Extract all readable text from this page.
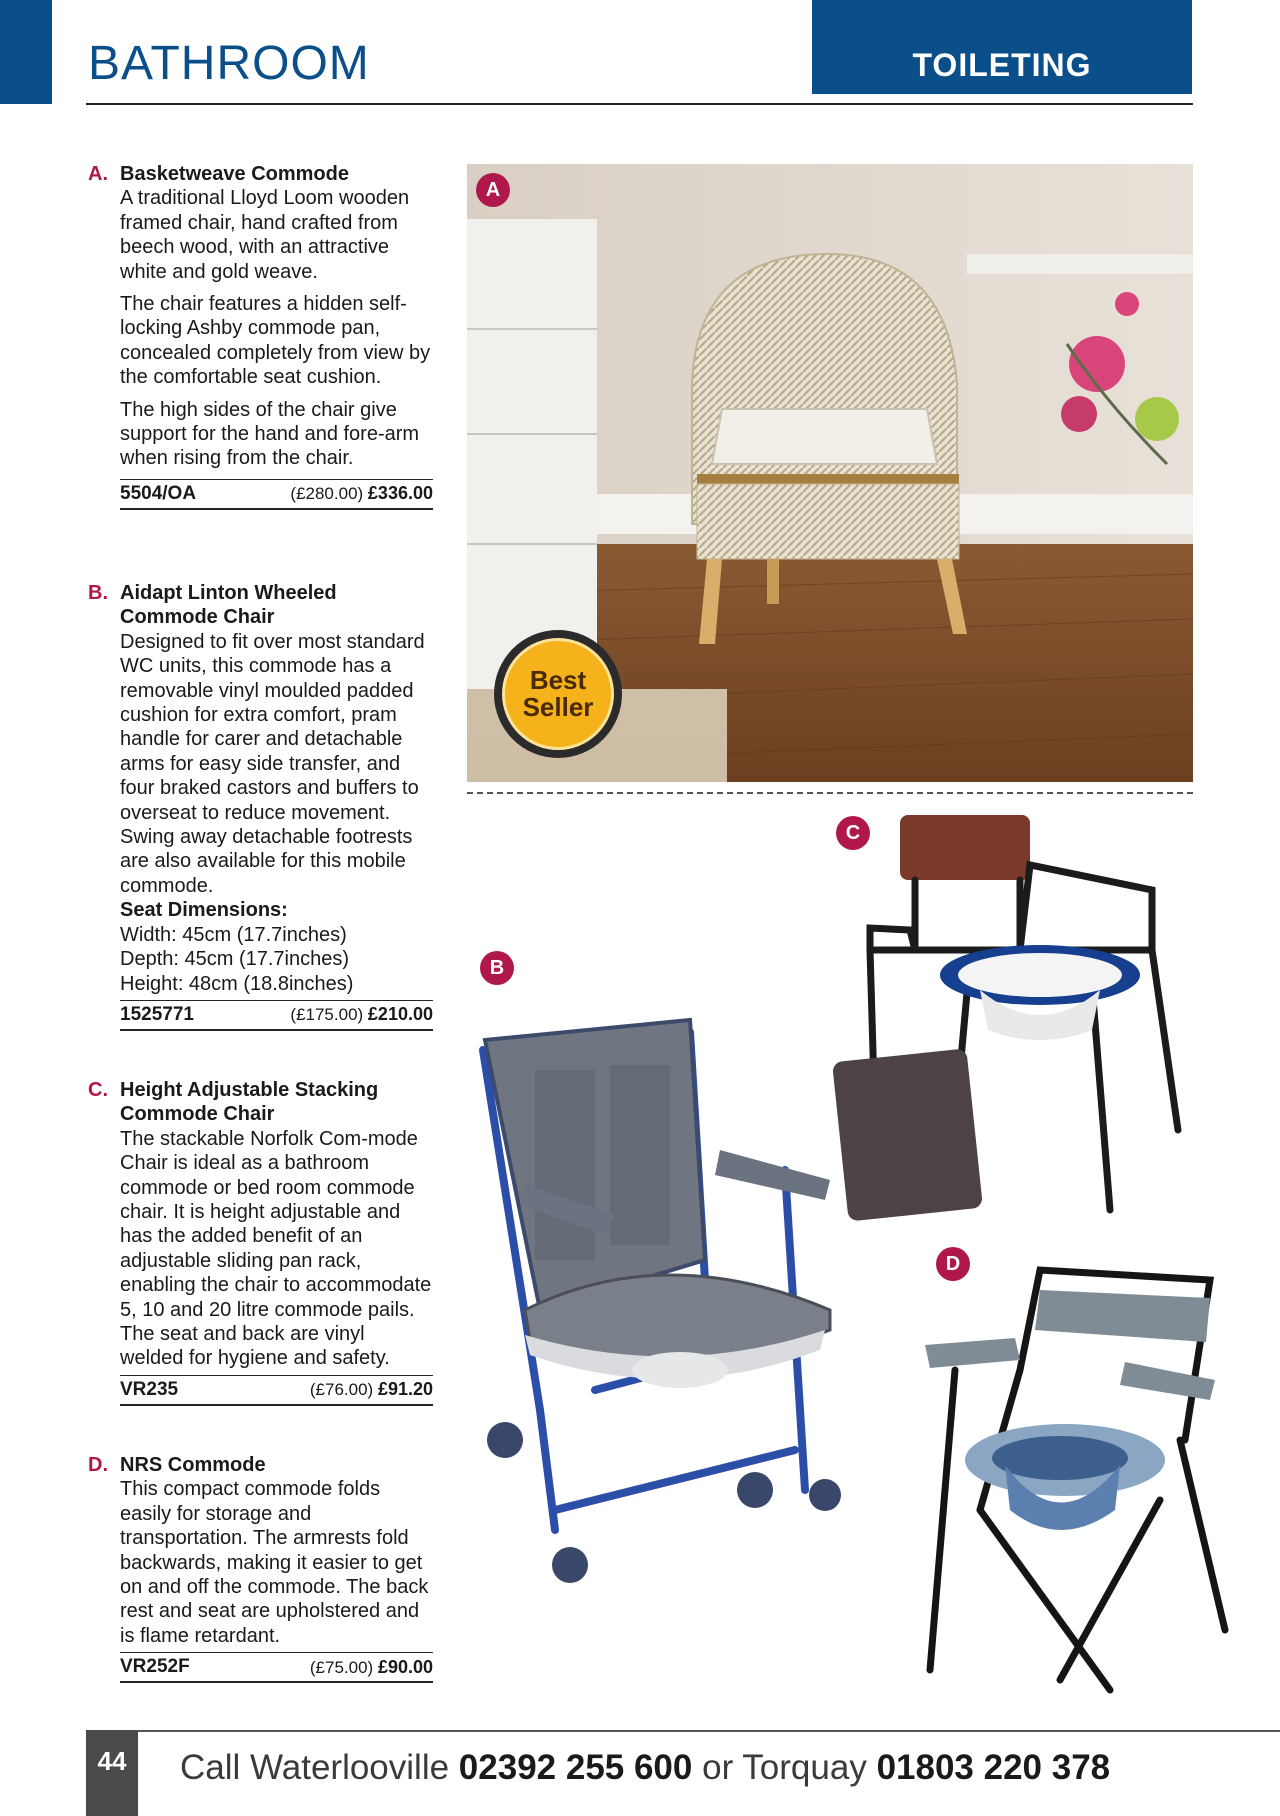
BATHROOM	TOILETING
A. Basketweave Commode

A traditional Lloyd Loom wooden framed chair, hand crafted from beech wood, with an attractive white and gold weave.

The chair features a hidden self-locking Ashby commode pan, concealed completely from view by the comfortable seat cushion.

The high sides of the chair give support for the hand and fore-arm when rising from the chair.

5504/OA	(£280.00) £336.00
B. Aidapt Linton Wheeled Commode Chair

Designed to fit over most standard WC units, this commode has a removable vinyl moulded padded cushion for extra comfort, pram handle for carer and detachable arms for easy side transfer, and four braked castors and buffers to overseat to reduce movement. Swing away detachable footrests are also available for this mobile commode.

Seat Dimensions:
Width: 45cm (17.7inches)
Depth: 45cm (17.7inches)
Height: 48cm (18.8inches)
1525771	(£175.00) £210.00
C. Height Adjustable Stacking Commode Chair

The stackable Norfolk Com-mode Chair is ideal as a bathroom commode or bed room commode chair. It is height adjustable and has the added benefit of an adjustable sliding pan rack, enabling the chair to accommodate 5, 10 and 20 litre commode pails. The seat and back are vinyl welded for hygiene and safety.

VR235	(£76.00) £91.20
D. NRS Commode

This compact commode folds easily for storage and transportation. The armrests fold backwards, making it easier to get on and off the commode. The back rest and seat are upholstered and is flame retardant.

VR252F	(£75.00) £90.00
A
Best
Seller
C
B
D
44	Call Waterlooville 02392 255 600 or Torquay 01803 220 378
